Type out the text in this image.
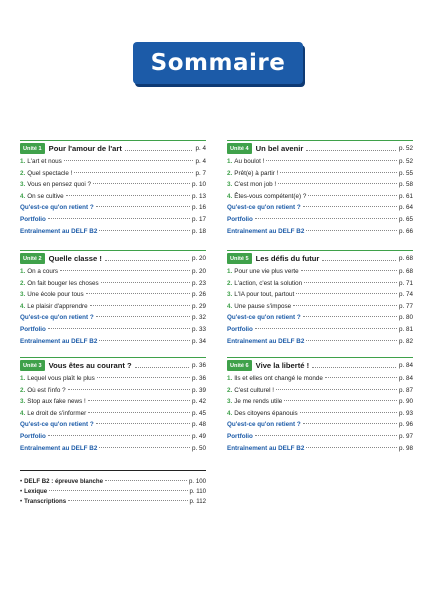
Sommaire
Unité 1 Pour l'amour de l'art	p. 4
1. L'art et nous	p. 4
2. Quel spectacle !	p. 7
3. Vous en pensez quoi ?	p. 10
4. On se cultive	p. 13
Qu'est-ce qu'on retient ?	p. 16
Portfolio	p. 17
Entraînement au DELF B2	p. 18
Unité 2 Quelle classe !	p. 20
1. On a cours	p. 20
2. On fait bouger les choses	p. 23
3. Une école pour tous	p. 26
4. Le plaisir d'apprendre	p. 29
Qu'est-ce qu'on retient ?	p. 32
Portfolio	p. 33
Entraînement au DELF B2	p. 34
Unité 3 Vous êtes au courant ?	p. 36
1. Lequel vous plaît le plus	p. 36
2. Où est l'info ?	p. 39
3. Stop aux fake news !	p. 42
4. Le droit de s'informer	p. 45
Qu'est-ce qu'on retient ?	p. 48
Portfolio	p. 49
Entraînement au DELF B2	p. 50
Unité 4 Un bel avenir	p. 52
1. Au boulot !	p. 52
2. Prêt(e) à partir !	p. 55
3. C'est mon job !	p. 58
4. Êtes-vous compétent(e) ?	p. 61
Qu'est-ce qu'on retient ?	p. 64
Portfolio	p. 65
Entraînement au DELF B2	p. 66
Unité 5 Les défis du futur	p. 68
1. Pour une vie plus verte	p. 68
2. L'action, c'est la solution	p. 71
3. L'IA pour tout, partout	p. 74
4. Une pause s'impose	p. 77
Qu'est-ce qu'on retient ?	p. 80
Portfolio	p. 81
Entraînement au DELF B2	p. 82
Unité 6 Vive la liberté !	p. 84
1. Ils et elles ont changé le monde	p. 84
2. C'est culturel !	p. 87
3. Je me rends utile	p. 90
4. Des citoyens épanouis	p. 93
Qu'est-ce qu'on retient ?	p. 96
Portfolio	p. 97
Entraînement au DELF B2	p. 98
• DELF B2 : épreuve blanche	p. 100
• Lexique	p. 110
• Transcriptions	p. 112
